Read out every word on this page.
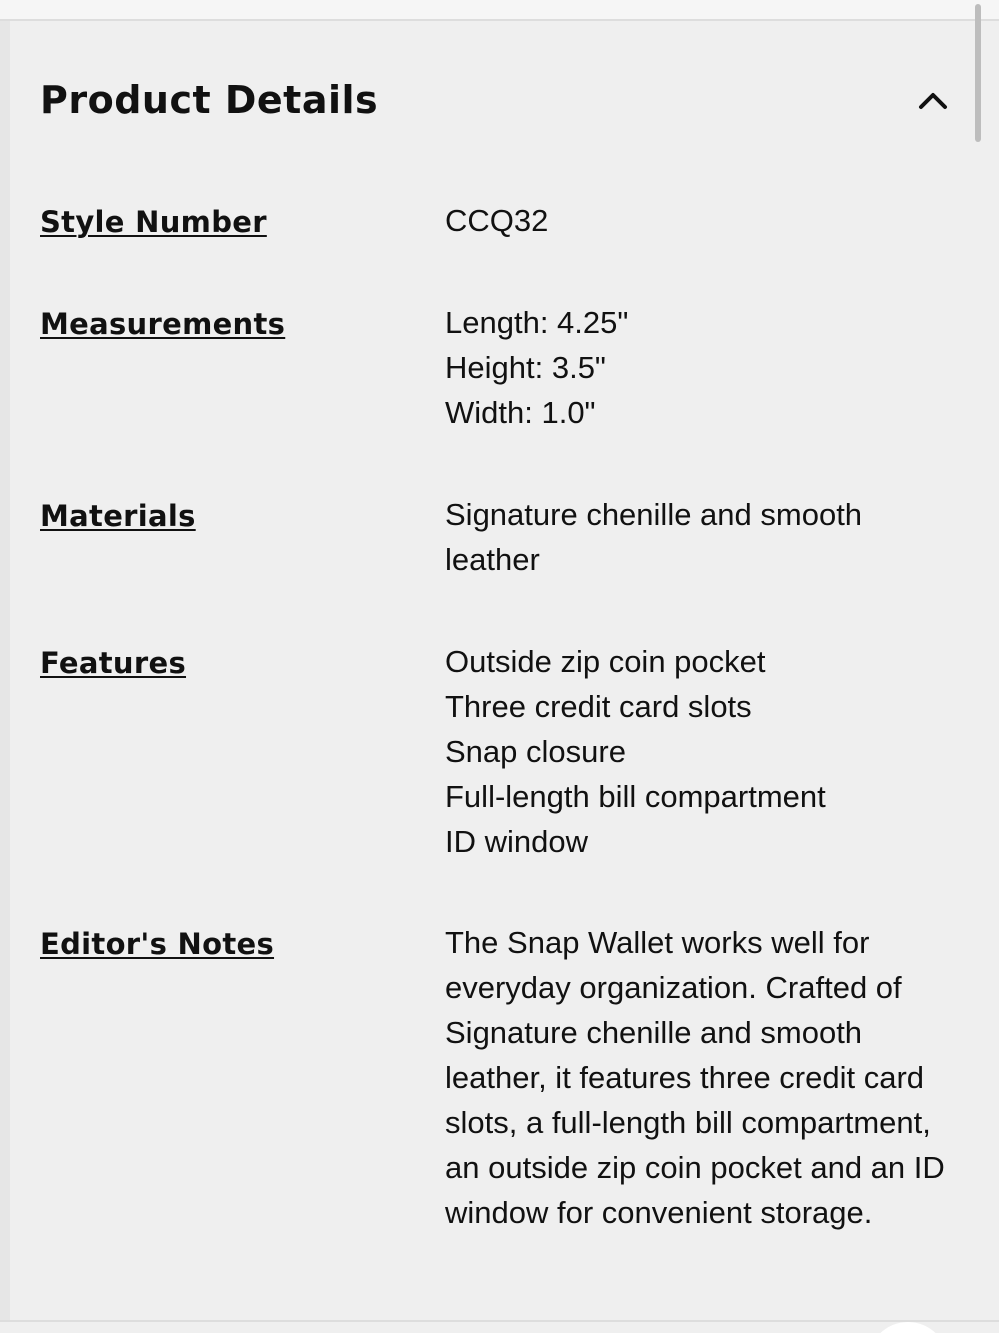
Product Details
Style Number	CCQ32
Measurements	Length: 4.25"
Height: 3.5"
Width: 1.0"
Materials	Signature chenille and smooth leather
Features	Outside zip coin pocket
Three credit card slots
Snap closure
Full-length bill compartment
ID window
Editor's Notes	The Snap Wallet works well for everyday organization. Crafted of Signature chenille and smooth leather, it features three credit card slots, a full-length bill compartment, an outside zip coin pocket and an ID window for convenient storage.
